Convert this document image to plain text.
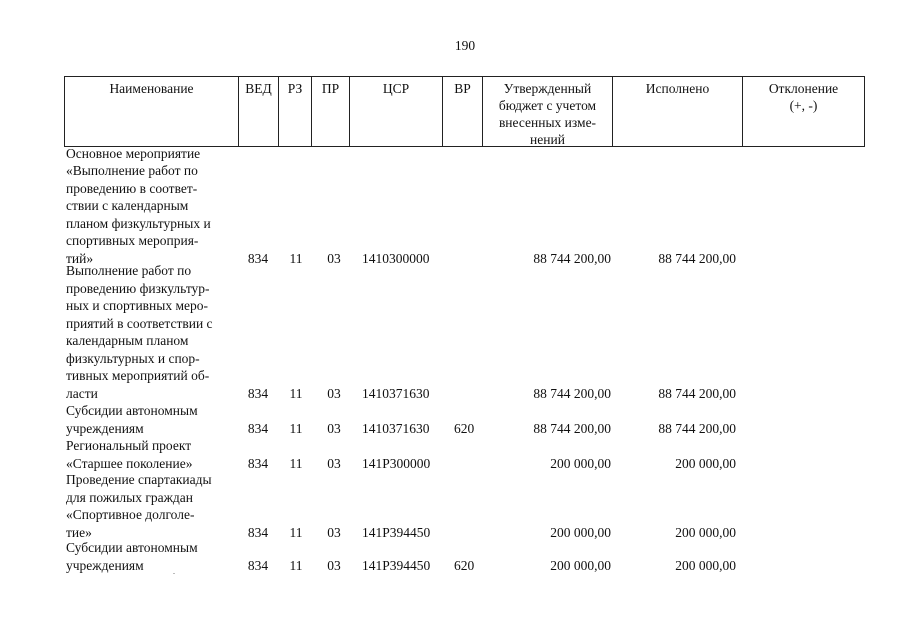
190
Наименование	ВЕД	РЗ	ПР	ЦСР	ВР	Утвержденный
бюджет с учетом
внесенных изме-
нений
Исполнено	Отклонение
(+, -)
Основное мероприятие
«Выполнение работ по
проведению в соответ-
ствии с календарным
планом физкультурных и
спортивных мероприя-
тий»	834 11 03 1410300000	88 744 200,00	88 744 200,00
Выполнение работ по
проведению физкультур-
ных и спортивных меро-
приятий в соответствии с
календарным планом
физкультурных и спор-
тивных мероприятий об-
ласти	834 11 03 1410371630	88 744 200,00	88 744 200,00
Субсидии автономным
учреждениям	834 11 03 1410371630	620	88 744 200,00	88 744 200,00
Региональный проект
«Старшее поколение»	834 11 03 141P300000	200 000,00	200 000,00
Проведение спартакиады
для пожилых граждан
«Спортивное долголе-
тие»	834 11 03 141P394450	200 000,00	200 000,00
Субсидии автономным
учреждениям	834 11 03 141P394450	620	200 000,00	200 000,00
